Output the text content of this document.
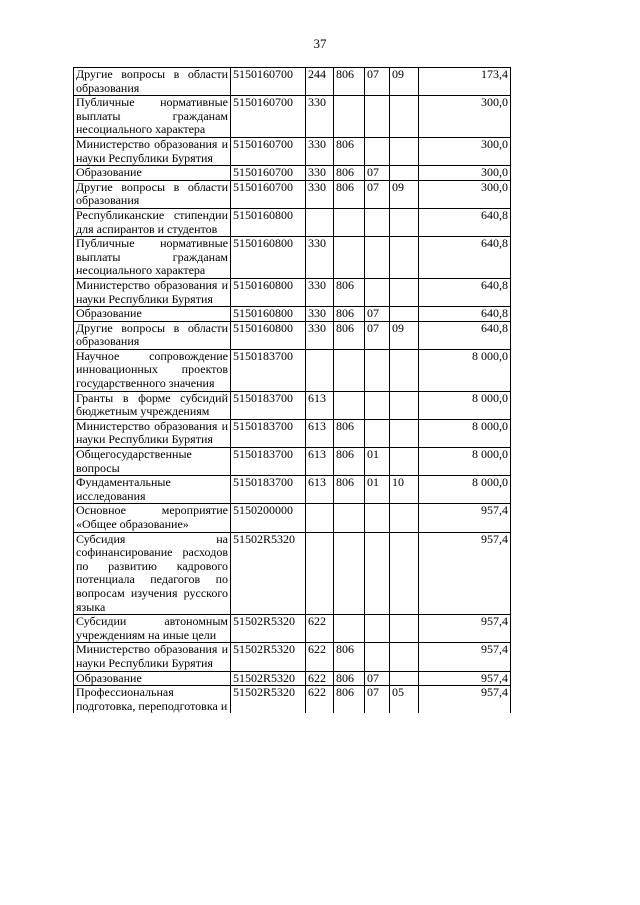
37
Другие вопросы в области образования	5150160700	244	806	07	09	173,4
Публичные нормативные выплаты гражданам несоциального характера	5150160700	330				300,0
Министерство образования и науки Республики Бурятия	5150160700	330	806			300,0
Образование	5150160700	330	806	07		300,0
Другие вопросы в области образования	5150160700	330	806	07	09	300,0
Республиканские стипендии для аспирантов и студентов	5150160800					640,8
Публичные нормативные выплаты гражданам несоциального характера	5150160800	330				640,8
Министерство образования и науки Республики Бурятия	5150160800	330	806			640,8
Образование	5150160800	330	806	07		640,8
Другие вопросы в области образования	5150160800	330	806	07	09	640,8
Научное сопровождение инновационных проектов государственного значения	5150183700					8 000,0
Гранты в форме субсидий бюджетным учреждениям	5150183700	613				8 000,0
Министерство образования и науки Республики Бурятия	5150183700	613	806			8 000,0
Общегосударственные вопросы	5150183700	613	806	01		8 000,0
Фундаментальные исследования	5150183700	613	806	01	10	8 000,0
Основное мероприятие «Общее образование»	5150200000					957,4
Субсидия на софинансирование расходов по развитию кадрового потенциала педагогов по вопросам изучения русского языка	51502R5320					957,4
Субсидии автономным учреждениям на иные цели	51502R5320	622				957,4
Министерство образования и науки Республики Бурятия	51502R5320	622	806			957,4
Образование	51502R5320	622	806	07		957,4
Профессиональная подготовка, переподготовка и	51502R5320	622	806	07	05	957,4
